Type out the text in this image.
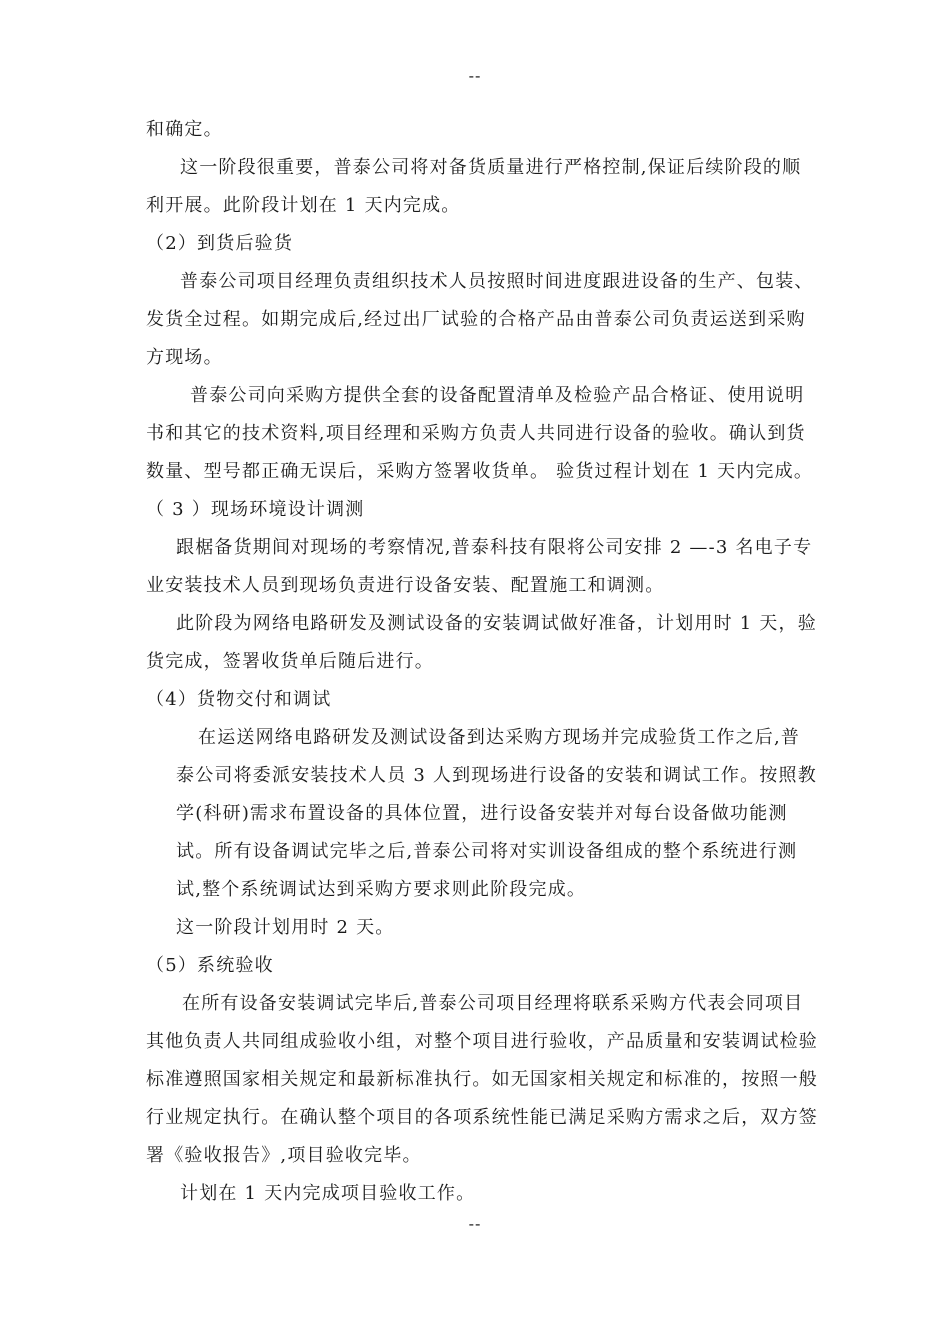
--
和确定。
这一阶段很重要，普泰公司将对备货质量进行严格控制,保证后续阶段的顺
利开展。此阶段计划在 1 天内完成。
（2）到货后验货
普泰公司项目经理负责组织技术人员按照时间进度跟进设备的生产、包装、
发货全过程。如期完成后,经过出厂试验的合格产品由普泰公司负责运送到采购
方现场。
普泰公司向采购方提供全套的设备配置清单及检验产品合格证、使用说明
书和其它的技术资料,项目经理和采购方负责人共同进行设备的验收。确认到货
数量、型号都正确无误后，采购方签署收货单。 验货过程计划在 1 天内完成。
（ 3 ）现场环境设计调测
跟椐备货期间对现场的考察情况,普泰科技有限将公司安排 2 —-3 名电子专
业安装技术人员到现场负责进行设备安装、配置施工和调测。
此阶段为网络电路研发及测试设备的安装调试做好准备，计划用时 1 天，验
货完成，签署收货单后随后进行。
（4）货物交付和调试
在运送网络电路研发及测试设备到达采购方现场并完成验货工作之后,普
泰公司将委派安装技术人员 3 人到现场进行设备的安装和调试工作。按照教
学(科研)需求布置设备的具体位置，进行设备安装并对每台设备做功能测
试。所有设备调试完毕之后,普泰公司将对实训设备组成的整个系统进行测
试,整个系统调试达到采购方要求则此阶段完成。
这一阶段计划用时 2 天。
（5）系统验收
在所有设备安装调试完毕后,普泰公司项目经理将联系采购方代表会同项目
其他负责人共同组成验收小组，对整个项目进行验收，产品质量和安装调试检验
标准遵照国家相关规定和最新标准执行。如无国家相关规定和标准的，按照一般
行业规定执行。在确认整个项目的各项系统性能已满足采购方需求之后，双方签
署《验收报告》,项目验收完毕。
计划在 1 天内完成项目验收工作。
--
